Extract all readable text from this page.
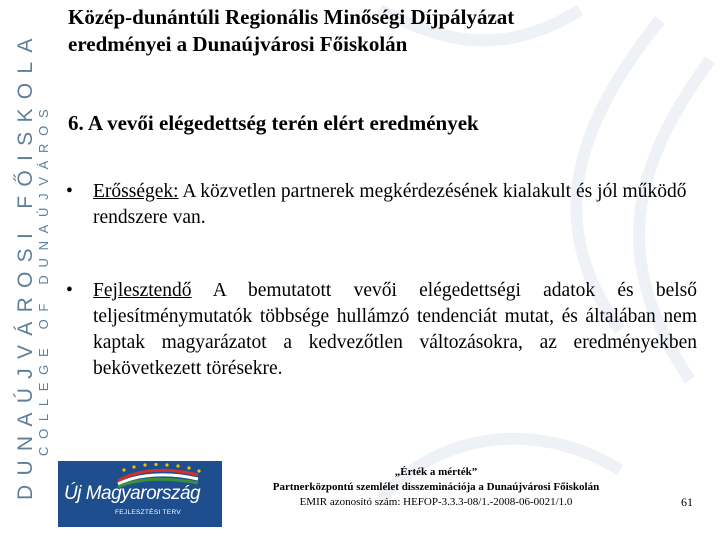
DUNAÚJVÁROSI FŐISKOLA COLLEGE OF DUNAÚJVÁROS
Közép-dunántúli Regionális Minőségi Díjpályázat
eredményei a Dunaújvárosi Főiskolán
6. A vevői elégedettség terén elért eredmények
• Erősségek: A közvetlen partnerek megkérdezésének kialakult és jól működő rendszere van.
• Fejlesztendő A bemutatott vevői elégedettségi adatok és belső teljesítménymutatók többsége hullámzó tendenciát mutat, és általában nem kaptak magyarázatot a kedvezőtlen változásokra, az eredményekben bekövetkezett törésekre.
Új Magyarország
FEJLESZTÉSI TERV
„Érték a mérték”
Partnerközpontú szemlélet disszeminációja a Dunaújvárosi Főiskolán
EMIR azonosító szám: HEFOP-3.3.3-08/1.-2008-06-0021/1.0	61
